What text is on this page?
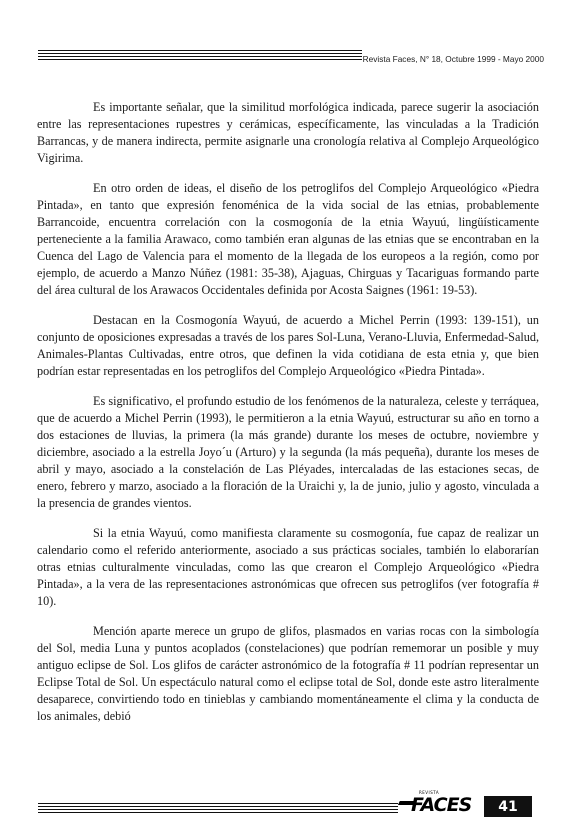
Revista Faces, N° 18, Octubre 1999 - Mayo 2000

Es importante señalar, que la similitud morfológica indicada, parece sugerir la asociación entre las representaciones rupestres y cerámicas, específicamente, las vinculadas a la Tradición Barrancas, y de manera indirecta, permite asignarle una cronología relativa al Complejo Arqueológico Vigirima.

En otro orden de ideas, el diseño de los petroglifos del Complejo Arqueológico «Piedra Pintada», en tanto que expresión fenoménica de la vida social de las etnias, probablemente Barrancoide, encuentra correlación con la cosmogonía de la etnia Wayuú, lingüísticamente perteneciente a la familia Arawaco, como también eran algunas de las etnias que se encontraban en la Cuenca del Lago de Valencia para el momento de la llegada de los europeos a la región, como por ejemplo, de acuerdo a Manzo Núñez (1981: 35-38), Ajaguas, Chirguas y Tacariguas formando parte del área cultural de los Arawacos Occidentales definida por Acosta Saignes (1961: 19-53).

Destacan en la Cosmogonía Wayuú, de acuerdo a Michel Perrin (1993: 139-151), un conjunto de oposiciones expresadas a través de los pares Sol-Luna, Verano-Lluvia, Enfermedad-Salud, Animales-Plantas Cultivadas, entre otros, que definen la vida cotidiana de esta etnia y, que bien podrían estar representadas en los petroglifos del Complejo Arqueológico «Piedra Pintada».

Es significativo, el profundo estudio de los fenómenos de la naturaleza, celeste y terráquea, que de acuerdo a Michel Perrin (1993), le permitieron a la etnia Wayuú, estructurar su año en torno a dos estaciones de lluvias, la primera (la más grande) durante los meses de octubre, noviembre y diciembre, asociado a la estrella Joyo´u (Arturo) y la segunda (la más pequeña), durante los meses de abril y mayo, asociado a la constelación de Las Pléyades, intercaladas de las estaciones secas, de enero, febrero y marzo, asociado a la floración de la Uraichi y, la de junio, julio y agosto, vinculada a la presencia de grandes vientos.

Si la etnia Wayuú, como manifiesta claramente su cosmogonía, fue capaz de realizar un calendario como el referido anteriormente, asociado a sus prácticas sociales, también lo elaborarían otras etnias culturalmente vinculadas, como las que crearon el Complejo Arqueológico «Piedra Pintada», a la vera de las representaciones astronómicas que ofrecen sus petroglifos (ver fotografía # 10).

Mención aparte merece un grupo de glifos, plasmados en varias rocas con la simbología del Sol, media Luna y puntos acoplados (constelaciones) que podrían rememorar un posible y muy antiguo eclipse de Sol. Los glifos de carácter astronómico de la fotografía # 11 podrían representar un Eclipse Total de Sol. Un espectáculo natural como el eclipse total de Sol, donde este astro literalmente desaparece, convirtiendo todo en tinieblas y cambiando momentáneamente el clima y la conducta de los animales, debió

REVISTA
FACES	41
